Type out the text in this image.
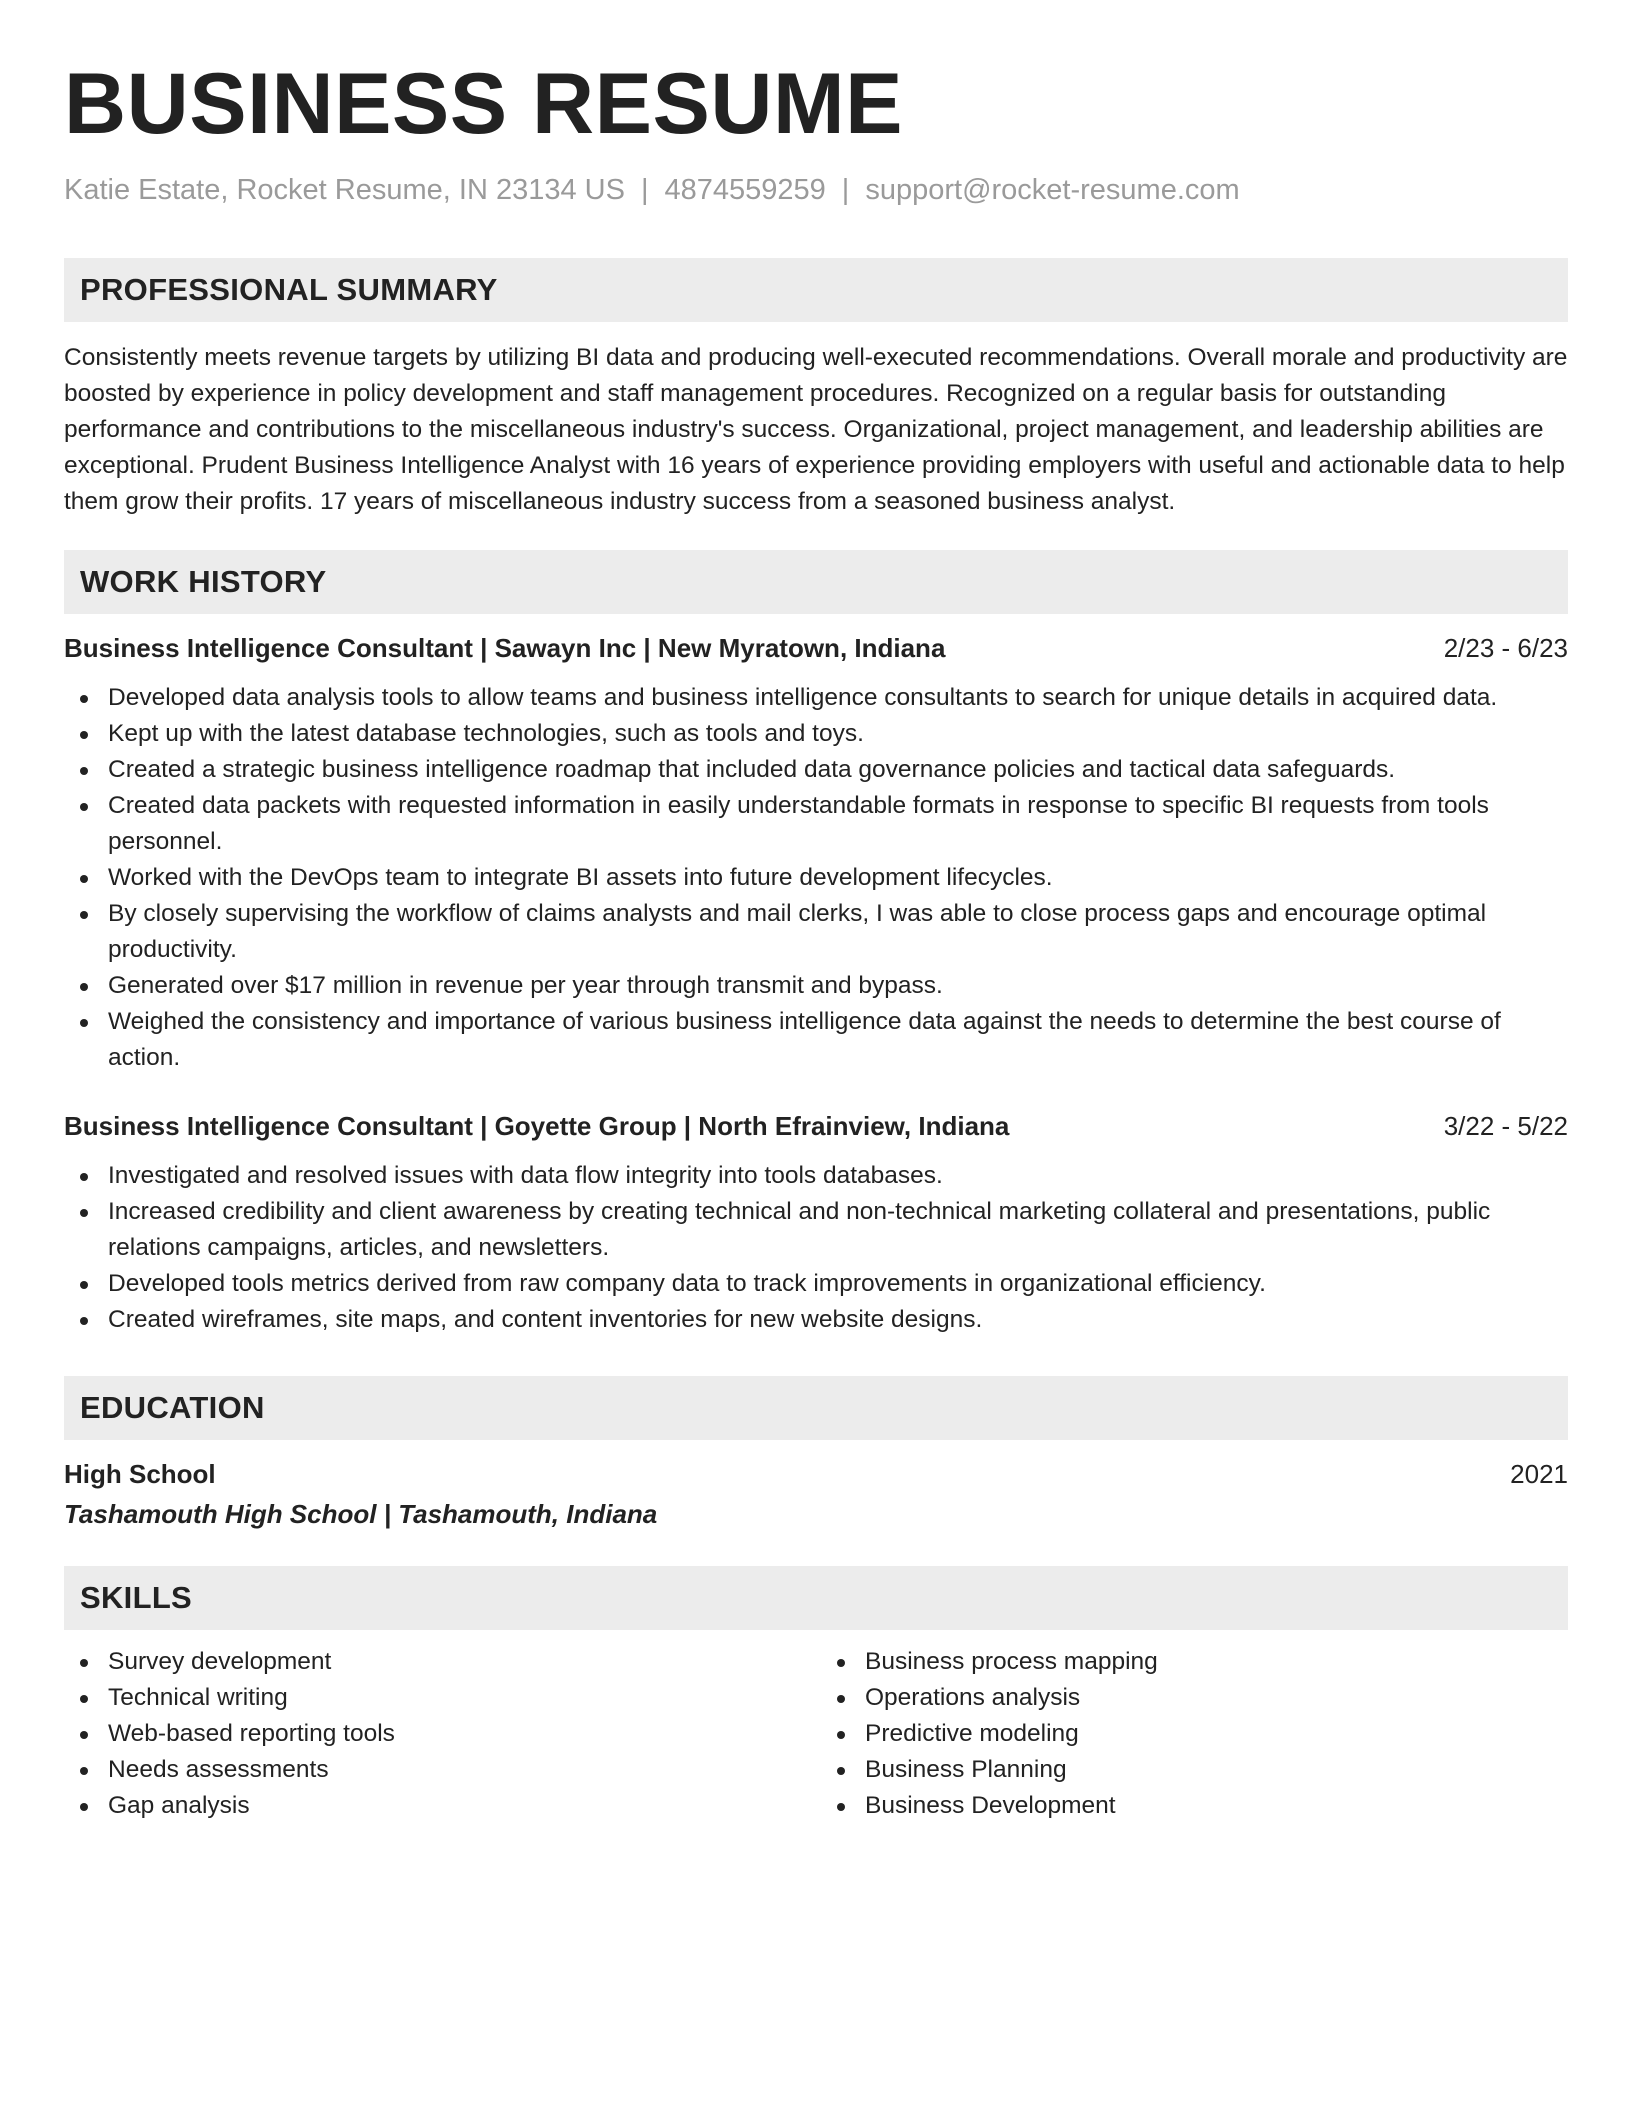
BUSINESS RESUME
Katie Estate, Rocket Resume, IN 23134 US | 4874559259 | support@rocket-resume.com
PROFESSIONAL SUMMARY

Consistently meets revenue targets by utilizing BI data and producing well-executed recommendations. Overall morale and productivity are boosted by experience in policy development and staff management procedures. Recognized on a regular basis for outstanding performance and contributions to the miscellaneous industry's success. Organizational, project management, and leadership abilities are exceptional. Prudent Business Intelligence Analyst with 16 years of experience providing employers with useful and actionable data to help them grow their profits. 17 years of miscellaneous industry success from a seasoned business analyst.

WORK HISTORY
Business Intelligence Consultant | Sawayn Inc | New Myratown, Indiana	2/23 - 6/23
Developed data analysis tools to allow teams and business intelligence consultants to search for unique details in acquired data.
Kept up with the latest database technologies, such as tools and toys.
Created a strategic business intelligence roadmap that included data governance policies and tactical data safeguards.
Created data packets with requested information in easily understandable formats in response to specific BI requests from tools personnel.
Worked with the DevOps team to integrate BI assets into future development lifecycles.
By closely supervising the workflow of claims analysts and mail clerks, I was able to close process gaps and encourage optimal productivity.
Generated over $17 million in revenue per year through transmit and bypass.
Weighed the consistency and importance of various business intelligence data against the needs to determine the best course of action.
Business Intelligence Consultant | Goyette Group | North Efrainview, Indiana	3/22 - 5/22
Investigated and resolved issues with data flow integrity into tools databases.
Increased credibility and client awareness by creating technical and non-technical marketing collateral and presentations, public relations campaigns, articles, and newsletters.
Developed tools metrics derived from raw company data to track improvements in organizational efficiency.
Created wireframes, site maps, and content inventories for new website designs.
EDUCATION
High School	2021
Tashamouth High School | Tashamouth, Indiana
SKILLS
Survey development
Technical writing
Web-based reporting tools
Needs assessments
Gap analysis
Business process mapping
Operations analysis
Predictive modeling
Business Planning
Business Development
